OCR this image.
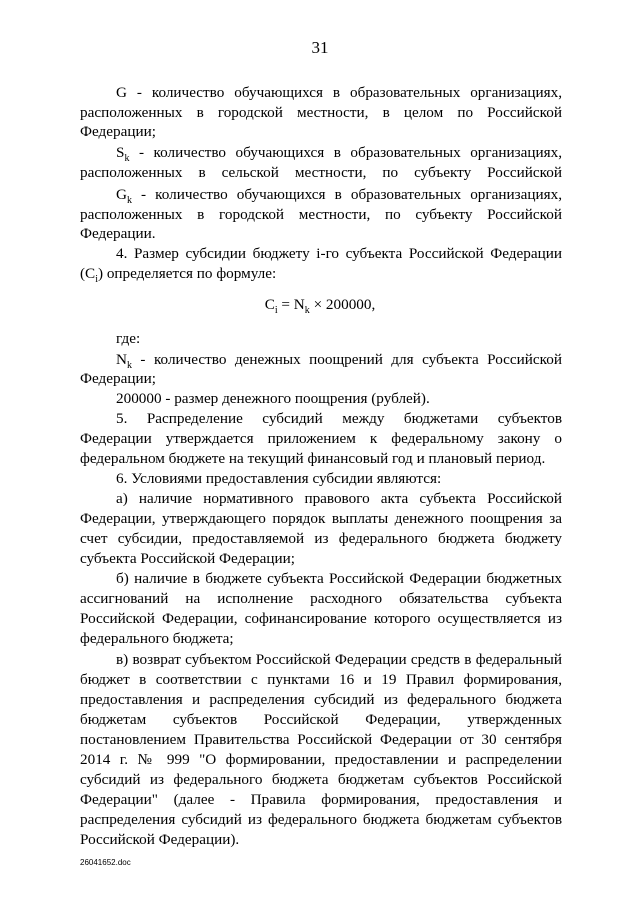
31
G - количество обучающихся в образовательных организациях,
расположенных в городской местности, в целом по Российской
Федерации;
$S_k$ - количество обучающихся в образовательных организациях,
расположенных в сельской местности, по субъекту Российской
$G_k$ - количество обучающихся в образовательных организациях,
расположенных в городской местности, по субъекту Российской
Федерации.
4. Размер субсидии бюджету i-го субъекта Российской Федерации
$(C_i)$ определяется по формуле:
$C_i = N_k \times 200000$,
где:
$N_k$ - количество денежных поощрений для субъекта Российской
Федерации;
200000 - размер денежного поощрения (рублей).
5. Распределение субсидий между бюджетами субъектов
Федерации утверждается приложением к федеральному закону о
федеральном бюджете на текущий финансовый год и плановый период.
6. Условиями предоставления субсидии являются:
а) наличие нормативного правового акта субъекта Российской
Федерации, утверждающего порядок выплаты денежного поощрения за
счет субсидии, предоставляемой из федерального бюджета бюджету
субъекта Российской Федерации;
б) наличие в бюджете субъекта Российской Федерации бюджетных
ассигнований на исполнение расходного обязательства субъекта
Российской Федерации, софинансирование которого осуществляется из
федерального бюджета;
в) возврат субъектом Российской Федерации средств в федеральный
бюджет в соответствии с пунктами 16 и 19 Правил формирования,
предоставления и распределения субсидий из федерального бюджета
бюджетам субъектов Российской Федерации, утвержденных
постановлением Правительства Российской Федерации от 30 сентября
2014 г. № 999 "О формировании, предоставлении и распределении
субсидий из федерального бюджета бюджетам субъектов Российской
Федерации" (далее - Правила формирования, предоставления и
распределения субсидий из федерального бюджета бюджетам субъектов
Российской Федерации).
26041652.doc
